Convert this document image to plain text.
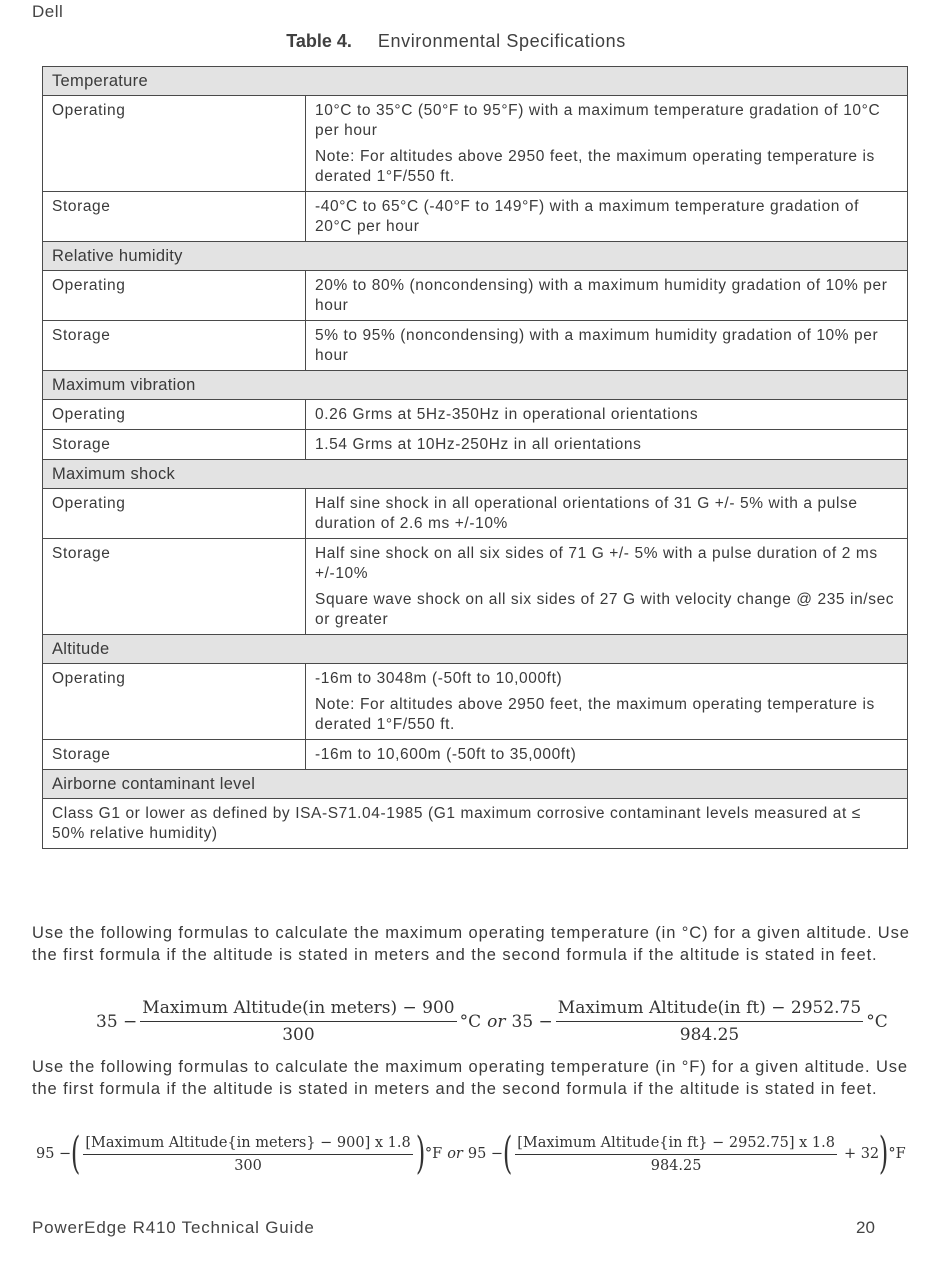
Dell
Table 4. Environmental Specifications
Temperature	
Operating	10°C to 35°C (50°F to 95°F) with a maximum temperature gradation of 10°C per hour

Note: For altitudes above 2950 feet, the maximum operating temperature is derated 1°F/550 ft.

Storage	-40°C to 65°C (-40°F to 149°F) with a maximum temperature gradation of 20°C per hour

Relative humidity	
Operating	20% to 80% (noncondensing) with a maximum humidity gradation of 10% per hour

Storage	5% to 95% (noncondensing) with a maximum humidity gradation of 10% per hour

Maximum vibration	
Operating	0.26 Grms at 5Hz-350Hz in operational orientations

Storage	1.54 Grms at 10Hz-250Hz in all orientations

Maximum shock	
Operating	Half sine shock in all operational orientations of 31 G +/- 5% with a pulse duration of 2.6 ms +/-10%

Storage	Half sine shock on all six sides of 71 G +/- 5% with a pulse duration of 2 ms +/-10%

Square wave shock on all six sides of 27 G with velocity change @ 235 in/sec or greater

Altitude	
Operating	-16m to 3048m (-50ft to 10,000ft)

Note: For altitudes above 2950 feet, the maximum operating temperature is derated 1°F/550 ft.

Storage	-16m to 10,600m (-50ft to 35,000ft)

Airborne contaminant level	

Class G1 or lower as defined by ISA-S71.04-1985 (G1 maximum corrosive contaminant levels measured at ≤ 50% relative humidity)	

Use the following formulas to calculate the maximum operating temperature (in °C) for a given altitude. Use the first formula if the altitude is stated in meters and the second formula if the altitude is stated in feet.
$35 - \frac{\text{Maximum Altitude(in meters) − 900}}{300} ^\circ C$ or $35 - \frac{\text{Maximum Altitude(in ft) − 2952.75}}{984.25} ^\circ C$
Use the following formulas to calculate the maximum operating temperature (in °F) for a given altitude. Use the first formula if the altitude is stated in meters and the second formula if the altitude is stated in feet.
95 − ( $\frac{\text{[Maximum Altitude\{in meters\} − 900] x 1.8}}{300}$ ) °F or 95 − ( $\frac{\text{[Maximum Altitude\{in ft\} − 2952.75] x 1.8}}{984.25} + 32$ ) °F
PowerEdge R410 Technical Guide	20
